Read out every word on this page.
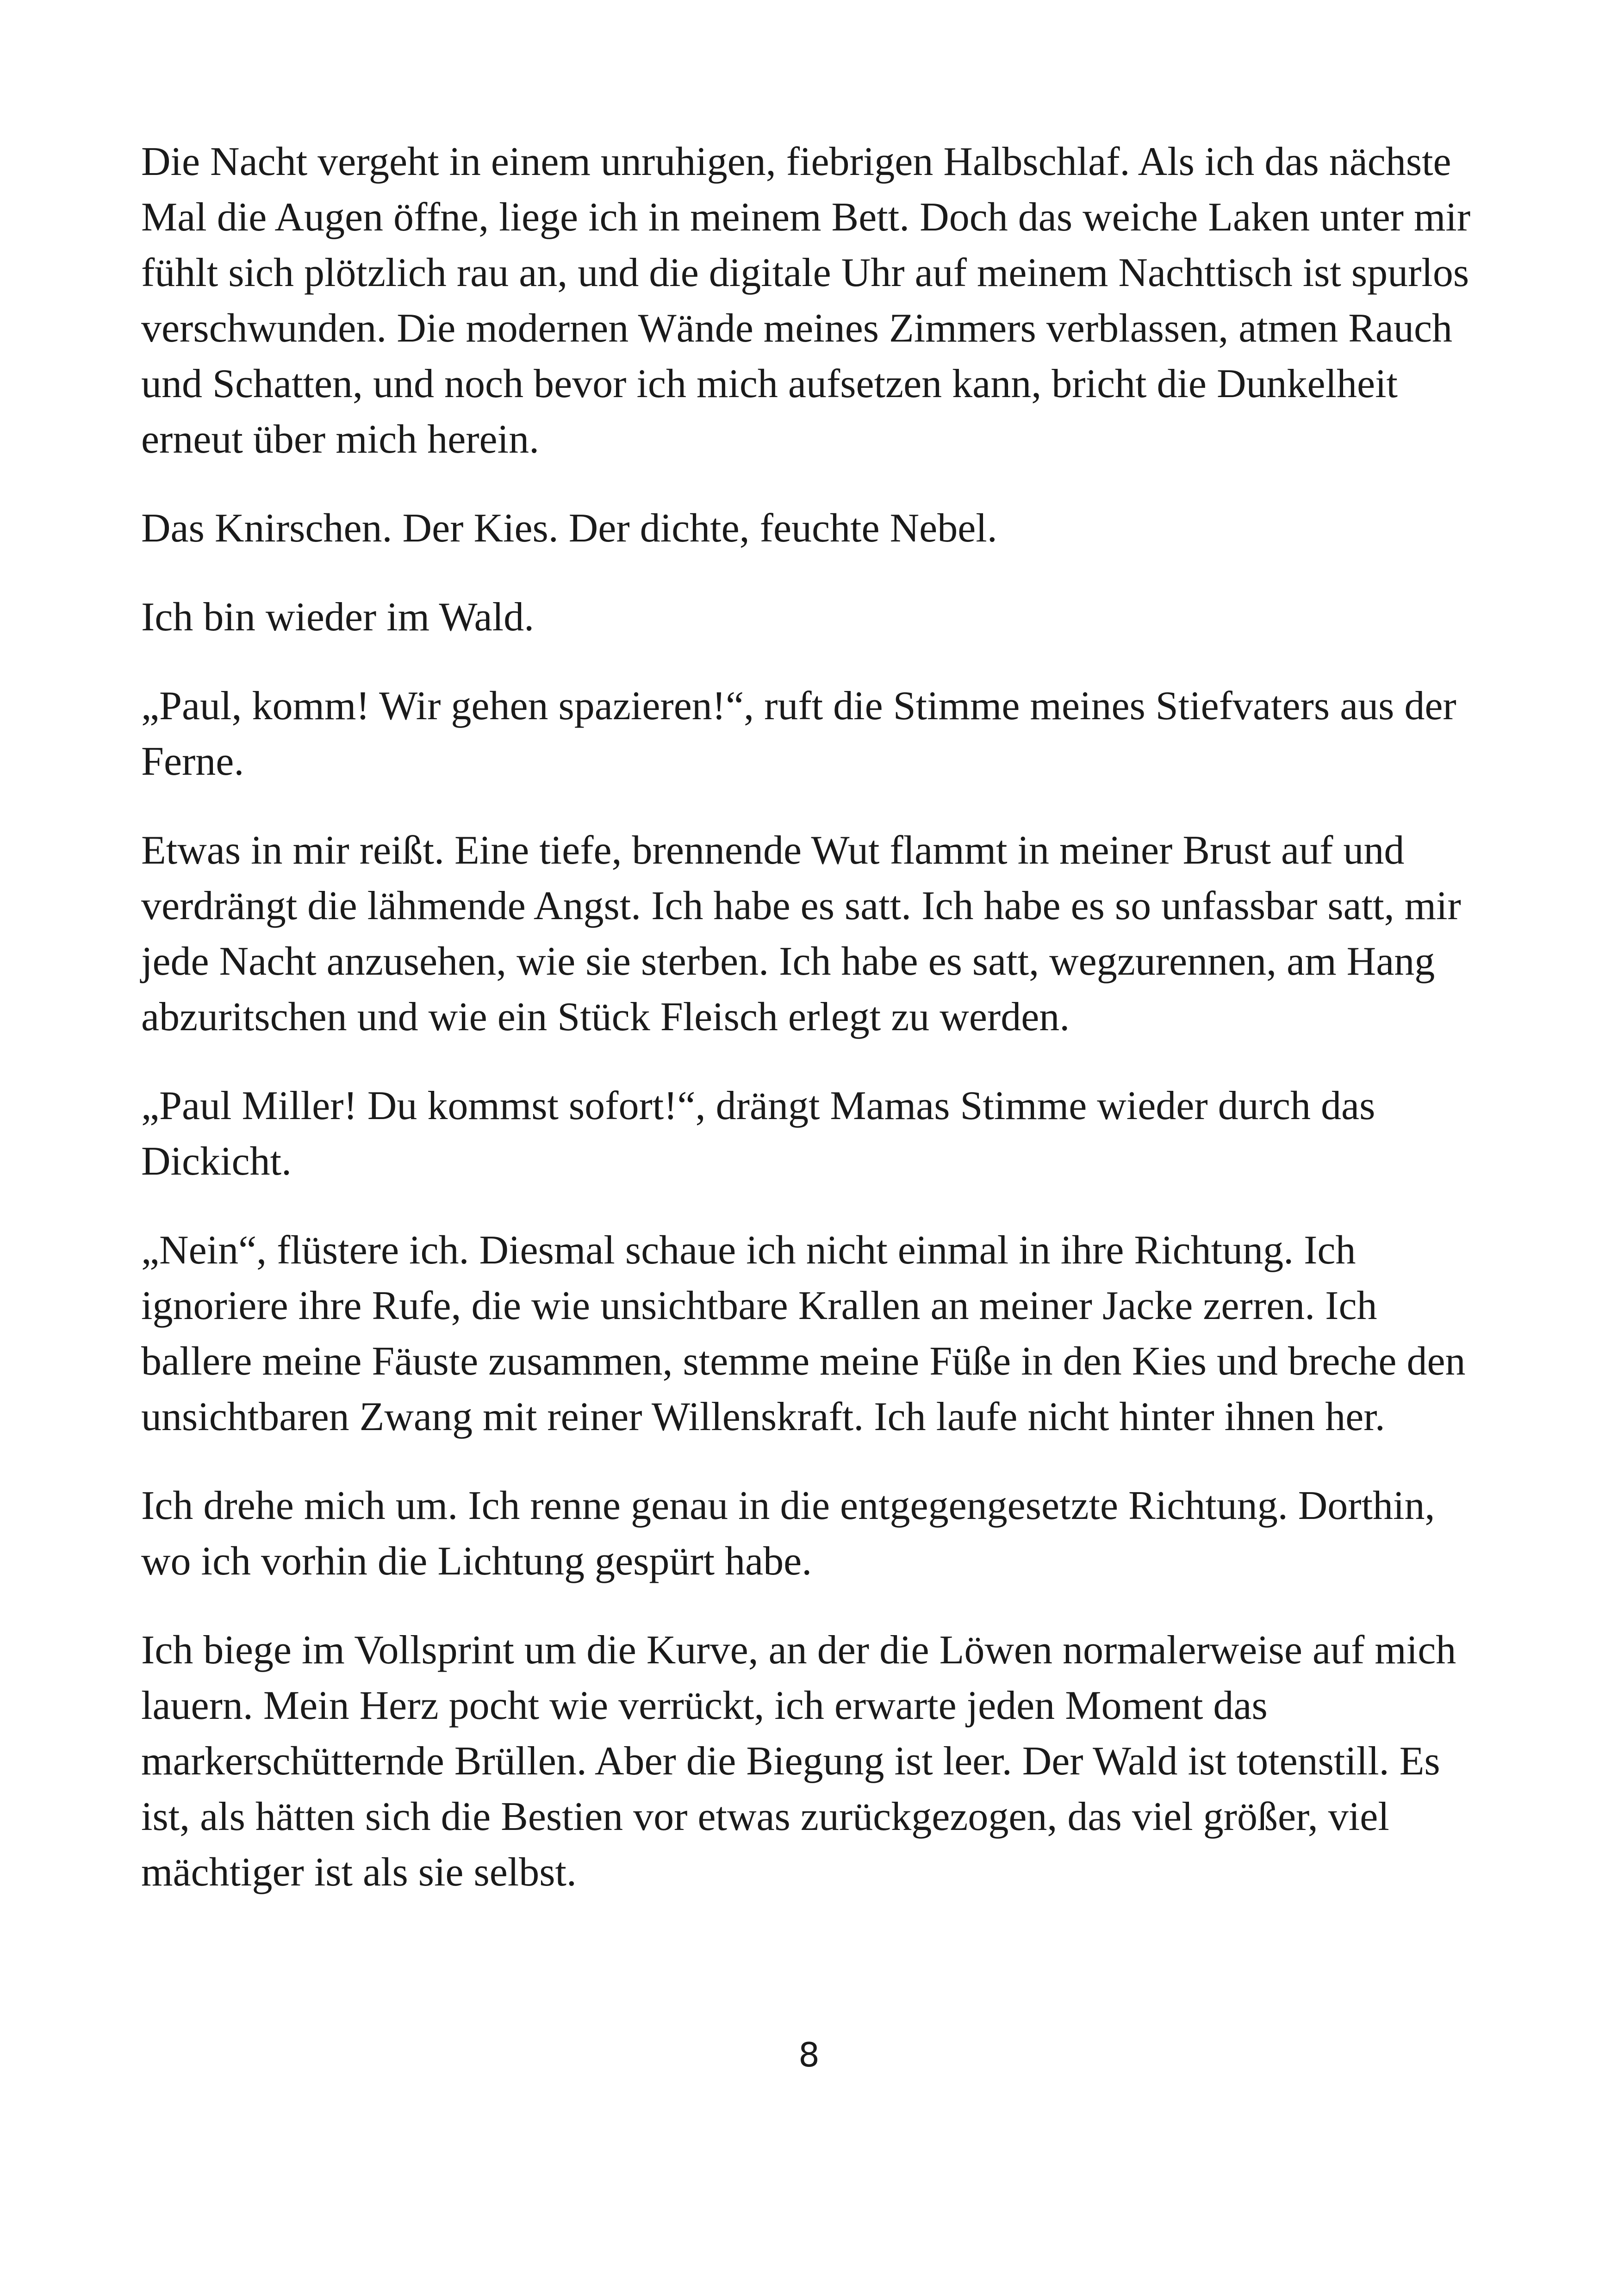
Die Nacht vergeht in einem unruhigen, fiebrigen Halbschlaf. Als ich das nächste Mal die Augen öffne, liege ich in meinem Bett. Doch das weiche Laken unter mir fühlt sich plötzlich rau an, und die digitale Uhr auf meinem Nachttisch ist spurlos verschwunden. Die modernen Wände meines Zimmers verblassen, atmen Rauch und Schatten, und noch bevor ich mich aufsetzen kann, bricht die Dunkelheit erneut über mich herein.

Das Knirschen. Der Kies. Der dichte, feuchte Nebel.

Ich bin wieder im Wald.

„Paul, komm! Wir gehen spazieren!“, ruft die Stimme meines Stiefvaters aus der Ferne.

Etwas in mir reißt. Eine tiefe, brennende Wut flammt in meiner Brust auf und verdrängt die lähmende Angst. Ich habe es satt. Ich habe es so unfassbar satt, mir jede Nacht anzusehen, wie sie sterben. Ich habe es satt, wegzurennen, am Hang abzuritschen und wie ein Stück Fleisch erlegt zu werden.

„Paul Miller! Du kommst sofort!“, drängt Mamas Stimme wieder durch das Dickicht.

„Nein“, flüstere ich. Diesmal schaue ich nicht einmal in ihre Richtung. Ich ignoriere ihre Rufe, die wie unsichtbare Krallen an meiner Jacke zerren. Ich ballere meine Fäuste zusammen, stemme meine Füße in den Kies und breche den unsichtbaren Zwang mit reiner Willenskraft. Ich laufe nicht hinter ihnen her.

Ich drehe mich um. Ich renne genau in die entgegengesetzte Richtung. Dorthin, wo ich vorhin die Lichtung gespürt habe.

Ich biege im Vollsprint um die Kurve, an der die Löwen normalerweise auf mich lauern. Mein Herz pocht wie verrückt, ich erwarte jeden Moment das markerschütternde Brüllen. Aber die Biegung ist leer. Der Wald ist totenstill. Es ist, als hätten sich die Bestien vor etwas zurückgezogen, das viel größer, viel mächtiger ist als sie selbst.

8
